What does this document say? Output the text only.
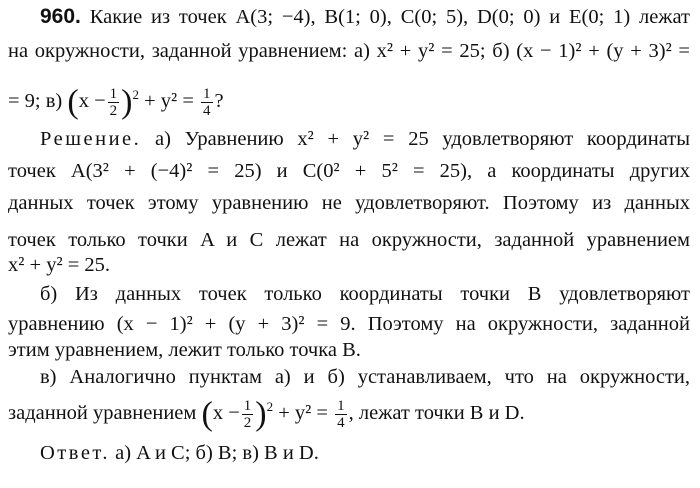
960. Какие из точек A(3; −4), B(1; 0), C(0; 5), D(0; 0) и E(0; 1) лежат
на окружности, заданной уравнением: а) x² + y² = 25; б) (x − 1)² + (y + 3)² =
= 9; в) $(x - \frac{1}{2} )^2 + y^2 = \frac{1}{4}$ ?
Решение. а) Уравнению x² + y² = 25 удовлетворяют координаты
точек A(3² + (−4)² = 25) и C(0² + 5² = 25), а координаты других
данных точек этому уравнению не удовлетворяют. Поэтому из данных
точек только точки A и C лежат на окружности, заданной уравнением
x² + y² = 25.
б) Из данных точек только координаты точки B удовлетворяют
уравнению (x − 1)² + (y + 3)² = 9. Поэтому на окружности, заданной
этим уравнением, лежит только точка B.
в) Аналогично пунктам а) и б) устанавливаем, что на окружности,
заданной уравнением $(x - \frac{1}{2} )^2 + y^2 = \frac{1}{4}$ , лежат точки B и D.
Ответ. а) A и C; б) B; в) B и D.
